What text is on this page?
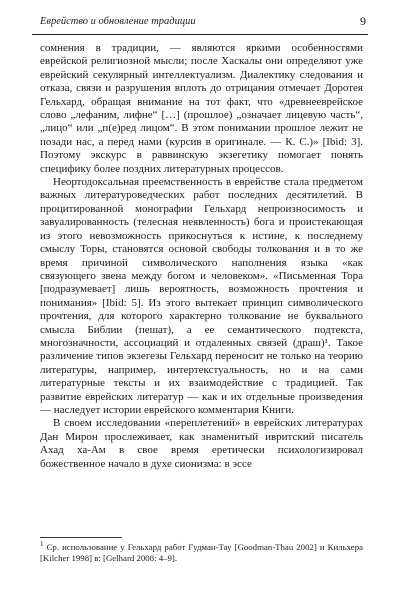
Еврейство и обновление традиции	9

сомнения в традиции, — являются яркими особенностями еврейской религиозной мысли; после Хаскалы они определяют уже еврейский секулярный интеллектуализм. Диалектику следования и отказа, связи и разрушения вплоть до отрицания отмечает Доротея Гельхард, обращая внимание на тот факт, что «древнееврейское слово „лефаним, лифне“ […] (прошлое) „означает лицевую часть“, „лицо“ или „п(е)ред лицом“. В этом понимании прошлое лежит не позади нас, а перед нами (курсив в оригинале. — К. С.)» [Ibid: 3]. Поэтому экскурс в раввинскую экзегетику помогает понять специфику более поздних литературных процессов.

Неортодоксальная преемственность в еврействе стала предметом важных литературоведческих работ последних десятилетий. В процитированной монографии Гельхард непроизносимость и завуалированность (телесная неявленность) бога и проистекающая из этого невозможность прикоснуться к истине, к последнему смыслу Торы, становятся основой свободы толкования и в то же время причиной символического наполнения языка «как связующего звена между богом и человеком». «Письменная Тора [подразумевает] лишь вероятность, возможность прочтения и понимания» [Ibid: 5]. Из этого вытекает принцип символического прочтения, для которого характерно толкование не буквального смысла Библии (пешат), а ее семантического подтекста, многозначности, ассоциаций и отдаленных связей (драш)¹. Такое различение типов экзегезы Гельхард переносит не только на теорию литературы, например, интертекстуальность, но и на сами литературные тексты и их взаимодействие с традицией. Так развитие еврейских литератур — как и их отдельные произведения — наследует истории еврейского комментария Книги.

В своем исследовании «переплетений» в еврейских литературах Дан Мирон прослеживает, как знаменитый ивритский писатель Ахад ха-Ам в свое время еретически психологизировал божественное начало в духе сионизма: в эссе

$^1$ Ср. использование у Гельхард работ Гудман-Тау [Goodman-Thau 2002] и Кильхера [Kilcher 1998] в: [Gelhard 2008: 4–9].
